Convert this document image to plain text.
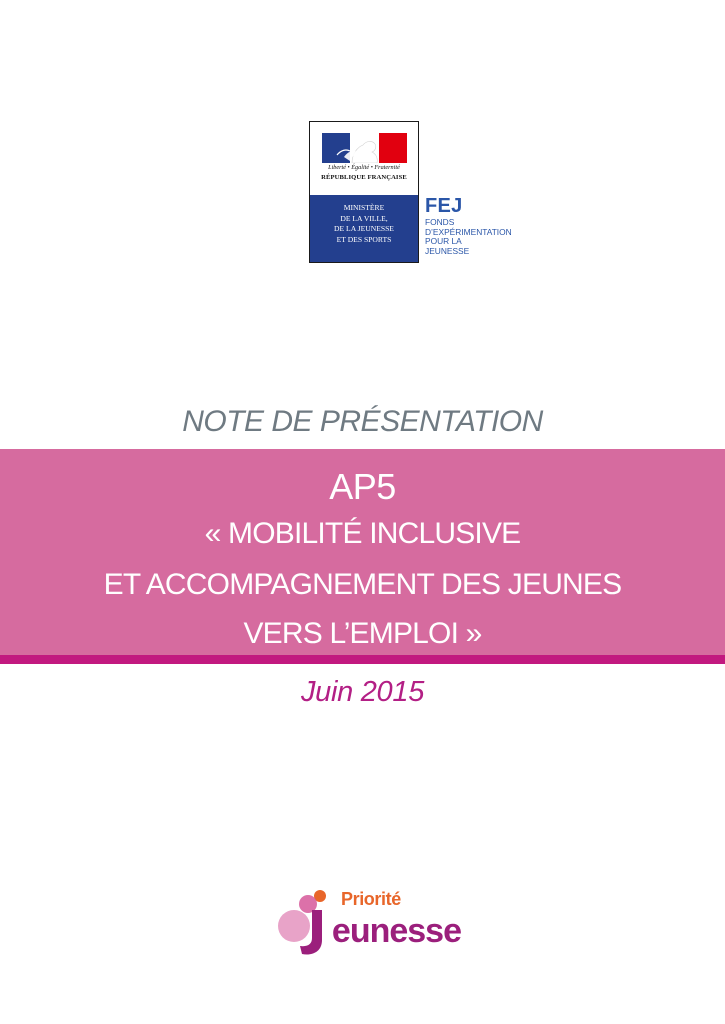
Liberté • Égalité • Fraternité
RÉPUBLIQUE FRANÇAISE
MINISTÈRE
DE LA VILLE,
DE LA JEUNESSE
ET DES SPORTS
FEJ
FONDS
D’EXPÉRIMENTATION
POUR LA
JEUNESSE
NOTE DE PRÉSENTATION
AP5
« MOBILITÉ INCLUSIVE
ET ACCOMPAGNEMENT DES JEUNES
VERS L’EMPLOI »
Juin 2015
Priorité
eunesse
